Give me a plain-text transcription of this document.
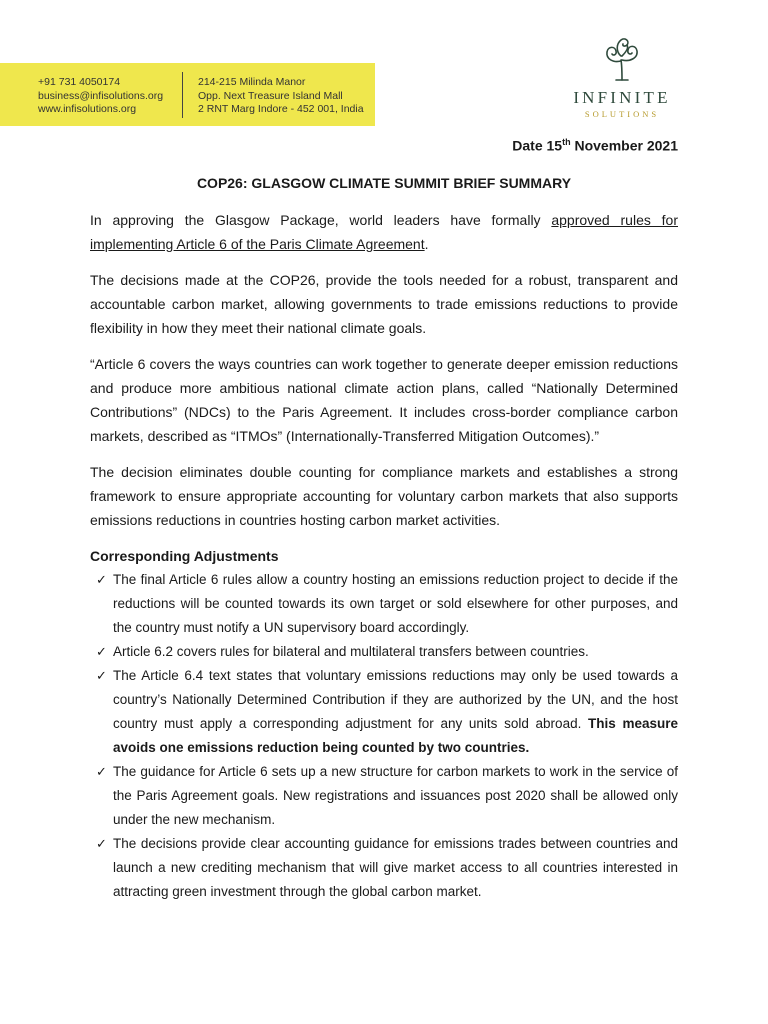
+91 731 4050174
business@infisolutions.org
www.infisolutions.org
214-215 Milinda Manor
Opp. Next Treasure Island Mall
2 RNT Marg Indore - 452 001, India
INFINITE
SOLUTIONS
Date 15th November 2021
COP26: GLASGOW CLIMATE SUMMIT BRIEF SUMMARY

In approving the Glasgow Package, world leaders have formally approved rules for implementing Article 6 of the Paris Climate Agreement.

The decisions made at the COP26, provide the tools needed for a robust, transparent and accountable carbon market, allowing governments to trade emissions reductions to provide flexibility in how they meet their national climate goals.

“Article 6 covers the ways countries can work together to generate deeper emission reductions and produce more ambitious national climate action plans, called “Nationally Determined Contributions” (NDCs) to the Paris Agreement. It includes cross-border compliance carbon markets, described as “ITMOs” (Internationally-Transferred Mitigation Outcomes).”

The decision eliminates double counting for compliance markets and establishes a strong framework to ensure appropriate accounting for voluntary carbon markets that also supports emissions reductions in countries hosting carbon market activities.

Corresponding Adjustments
✓ The final Article 6 rules allow a country hosting an emissions reduction project to decide if the reductions will be counted towards its own target or sold elsewhere for other purposes, and the country must notify a UN supervisory board accordingly.
✓ Article 6.2 covers rules for bilateral and multilateral transfers between countries.
✓ The Article 6.4 text states that voluntary emissions reductions may only be used towards a country’s Nationally Determined Contribution if they are authorized by the UN, and the host country must apply a corresponding adjustment for any units sold abroad. This measure avoids one emissions reduction being counted by two countries.
✓ The guidance for Article 6 sets up a new structure for carbon markets to work in the service of the Paris Agreement goals. New registrations and issuances post 2020 shall be allowed only under the new mechanism.
✓ The decisions provide clear accounting guidance for emissions trades between countries and launch a new crediting mechanism that will give market access to all countries interested in attracting green investment through the global carbon market.
